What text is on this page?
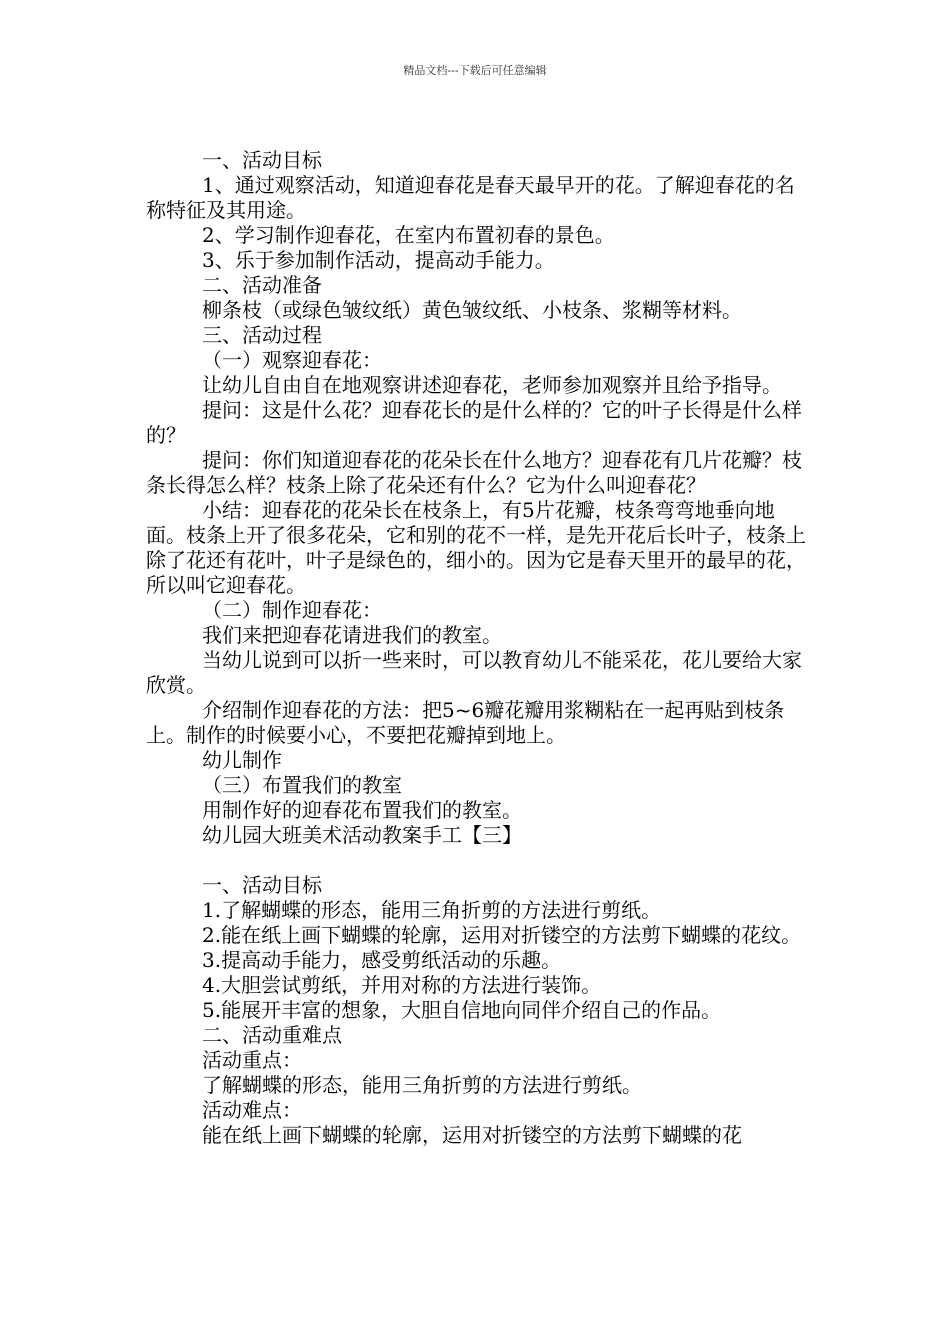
精品文档---下载后可任意编辑

一、活动目标

1、通过观察活动，知道迎春花是春天最早开的花。了解迎春花的名称特征及其用途。

2、学习制作迎春花，在室内布置初春的景色。

3、乐于参加制作活动，提高动手能力。

二、活动准备

柳条枝（或绿色皱纹纸）黄色皱纹纸、小枝条、浆糊等材料。

三、活动过程

（一）观察迎春花：

让幼儿自由自在地观察讲述迎春花，老师参加观察并且给予指导。

提问：这是什么花？迎春花长的是什么样的？它的叶子长得是什么样的？

提问：你们知道迎春花的花朵长在什么地方？迎春花有几片花瓣？枝条长得怎么样？枝条上除了花朵还有什么？它为什么叫迎春花？

小结：迎春花的花朵长在枝条上，有5片花瓣，枝条弯弯地垂向地面。枝条上开了很多花朵，它和别的花不一样，是先开花后长叶子，枝条上除了花还有花叶，叶子是绿色的，细小的。因为它是春天里开的最早的花，所以叫它迎春花。

（二）制作迎春花：

我们来把迎春花请进我们的教室。

当幼儿说到可以折一些来时，可以教育幼儿不能采花，花儿要给大家欣赏。

介绍制作迎春花的方法：把5~6瓣花瓣用浆糊粘在一起再贴到枝条上。制作的时候要小心，不要把花瓣掉到地上。

幼儿制作

（三）布置我们的教室

用制作好的迎春花布置我们的教室。

幼儿园大班美术活动教案手工【三】

一、活动目标

1.了解蝴蝶的形态，能用三角折剪的方法进行剪纸。

2.能在纸上画下蝴蝶的轮廓，运用对折镂空的方法剪下蝴蝶的花纹。

3.提高动手能力，感受剪纸活动的乐趣。

4.大胆尝试剪纸，并用对称的方法进行装饰。

5.能展开丰富的想象，大胆自信地向同伴介绍自己的作品。

二、活动重难点

活动重点：

了解蝴蝶的形态，能用三角折剪的方法进行剪纸。

活动难点：

能在纸上画下蝴蝶的轮廓，运用对折镂空的方法剪下蝴蝶的花
